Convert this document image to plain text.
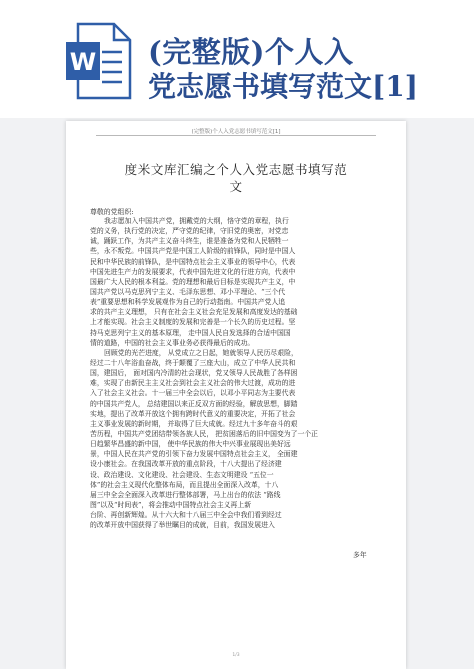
W (完整版)个人入
党志愿书填写范文[1]
(完整版)个人入党志愿书填写范文[1]
度米文库汇编之个人入党志愿书填写范
文
尊敬的党组织:
我志愿加入中国共产党，拥戴党的大纲，恪守党的章程，执行
党的义务，执行党的决定，严守党的纪律，守旧党的奥密，对党忠
诚，踊跃工作，为共产主义奋斗终生，谁是准备为党和人民牺牲一
些，永不叛党。中国共产党是中国工人阶级的前锋队，同时是中国人
民和中华民族的前锋队，是中国特点社会主义事业的领导中心，代表
中国先进生产力的发展要求，代表中国先进文化的行进方向，代表中
国最广大人民的根本利益。党的理想和最后目标是实现共产主义，中
国共产党以马克思列宁主义、毛泽东思想、邓小平理论、“三个代
表”重要思想和科学发展观作为自己的行动指南。中国共产党人追
求的共产主义理想， 只有在社会主义社会充足发展和高度发达的基础
上才能实现。社会主义制度的发展和完善是一个长久的历史过程。坚
持马克思列宁主义的基本原理， 走中国人民自发选择的合适中国国
情的道路，中国的社会主义事业务必获得最后的成功。
回顾党的光芒进度， 从党成立之日起，她就领导人民历尽艰险，
经过二十八年浴血奋战，终于颠覆了三座大山，成立了中华人民共和
国，建国后， 面对国内冷清的社会现状，党又领导人民战胜了各样困
难，实现了由新民主主义社会到社会主义社会的伟大过渡，成功的进
入了社会主义社会。十一届三中全会以后，以邓小平同志为主要代表
的中国共产党人， 总结建国以来正反双方面的经验，解放思想，脚踏
实地，提出了改革开放这个拥有跨时代意义的重要决定，开拓了社会
主义事业发展的新时期， 并取得了巨大成就。经过九十多年奋斗的艰
苦历程，中国共产党团结带领各族人民， 把贫困落后的旧中国变为了一个正
日趋繁华昌盛的新中国， 使中华民族的伟大中兴事业展现出美好远
景，中国人民在共产党的引领下奋力发展中国特点社会主义， 全面建
设小康社会。在我国改革开放的重点阶段，十八大提出了经济建
设、政治建设、文化建设、社会建设、生态文明建设 “五位一
体”的社会主义现代化整体布局，而且提出全面深入改革，十八
届三中全会全面深入改革进行整体部署，马上出台的依法 “路线
图”以及“时间表”，将会推动中国特点社会主义再上新
台阶、再创新辉煌。从十六大和十八届三中全会中我们看到经过
的改革开放中国获得了举世瞩目的成就，目前，我国发展进入
多年
1/3
